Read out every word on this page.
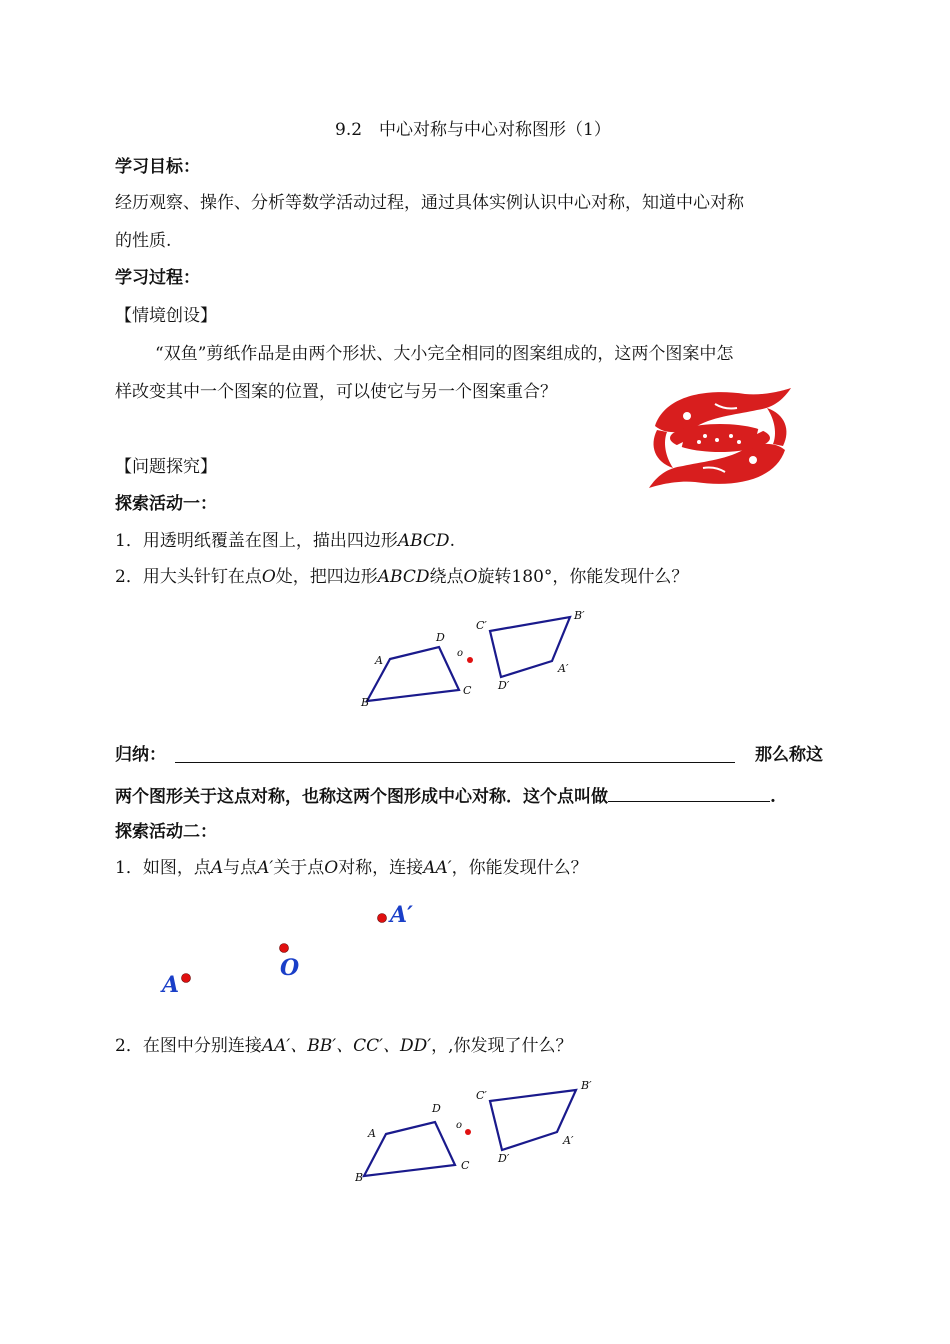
9.2　中心对称与中心对称图形（1）
学习目标：
经历观察、操作、分析等数学活动过程，通过具体实例认识中心对称，知道中心对称
的性质.
学习过程：
【情境创设】
“双鱼”剪纸作品是由两个形状、大小完全相同的图案组成的，这两个图案中怎
样改变其中一个图案的位置，可以使它与另一个图案重合？
【问题探究】
探索活动一：
1．用透明纸覆盖在图上，描出四边形ABCD.
2．用大头针钉在点O处，把四边形ABCD绕点O旋转180°，你能发现什么？
A
B
C
D
o
A′
B′
C′
D′
归纳：	那么称这
两个图形关于这点对称，也称这两个图形成中心对称．这个点叫做	.
探索活动二：
1．如图，点A与点A′关于点O对称，连接AA′，你能发现什么？
A
O
A′
2．在图中分别连接AA′、BB′、CC′、DD′，,你发现了什么？
A
B
C
D
o
A′
B′
C′
D′
